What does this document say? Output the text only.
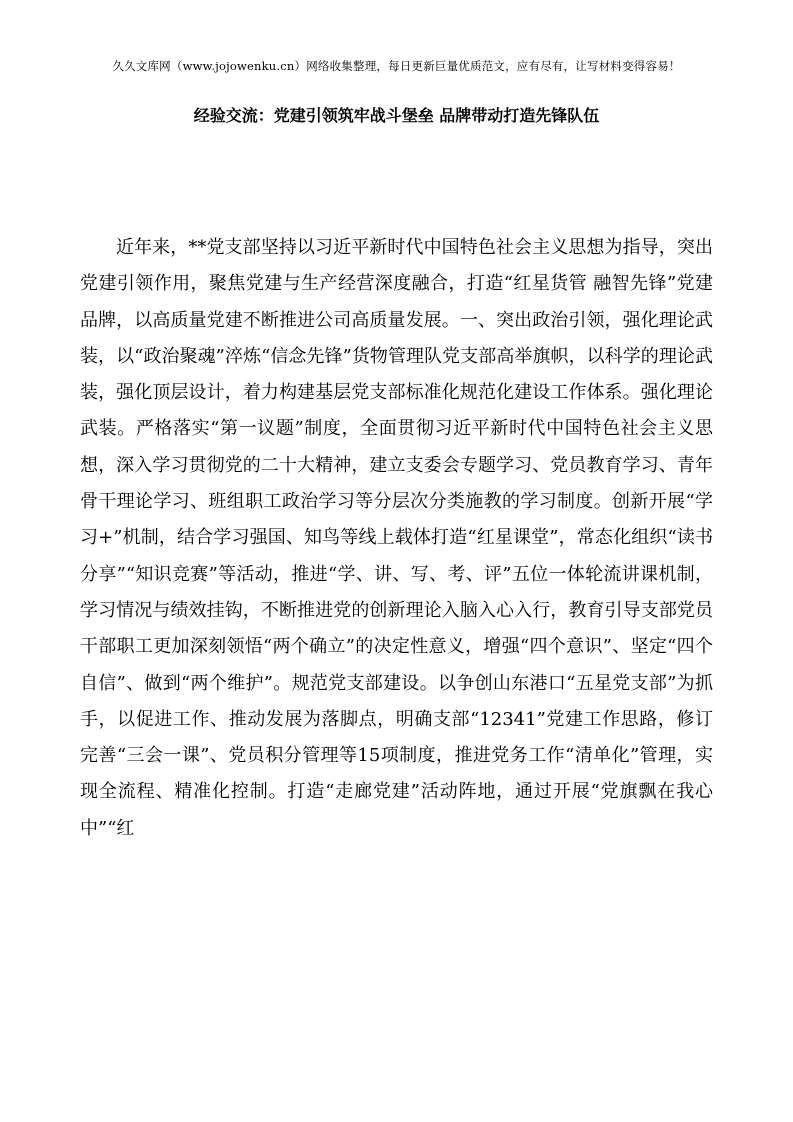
久久文库网（www.jojowenku.cn）网络收集整理，每日更新巨量优质范文，应有尽有，让写材料变得容易！
经验交流：党建引领筑牢战斗堡垒 品牌带动打造先锋队伍

近年来，**党支部坚持以习近平新时代中国特色社会主义思想为指导，突出党建引领作用，聚焦党建与生产经营深度融合，打造“红星货管 融智先锋”党建品牌，以高质量党建不断推进公司高质量发展。一、突出政治引领，强化理论武装，以“政治聚魂”淬炼“信念先锋”货物管理队党支部高举旗帜，以科学的理论武装，强化顶层设计，着力构建基层党支部标准化规范化建设工作体系。强化理论武装。严格落实“第一议题”制度，全面贯彻习近平新时代中国特色社会主义思想，深入学习贯彻党的二十大精神，建立支委会专题学习、党员教育学习、青年骨干理论学习、班组职工政治学习等分层次分类施教的学习制度。创新开展“学习+”机制，结合学习强国、知鸟等线上载体打造“红星课堂”，常态化组织“读书分享”“知识竞赛”等活动，推进“学、讲、写、考、评”五位一体轮流讲课机制，学习情况与绩效挂钩，不断推进党的创新理论入脑入心入行，教育引导支部党员干部职工更加深刻领悟“两个确立”的决定性意义，增强“四个意识”、坚定“四个自信”、做到“两个维护”。规范党支部建设。以争创山东港口“五星党支部”为抓手，以促进工作、推动发展为落脚点，明确支部“12341”党建工作思路，修订完善“三会一课”、党员积分管理等15项制度，推进党务工作“清单化”管理，实现全流程、精准化控制。打造“走廊党建”活动阵地，通过开展“党旗飘在我心中”“红
